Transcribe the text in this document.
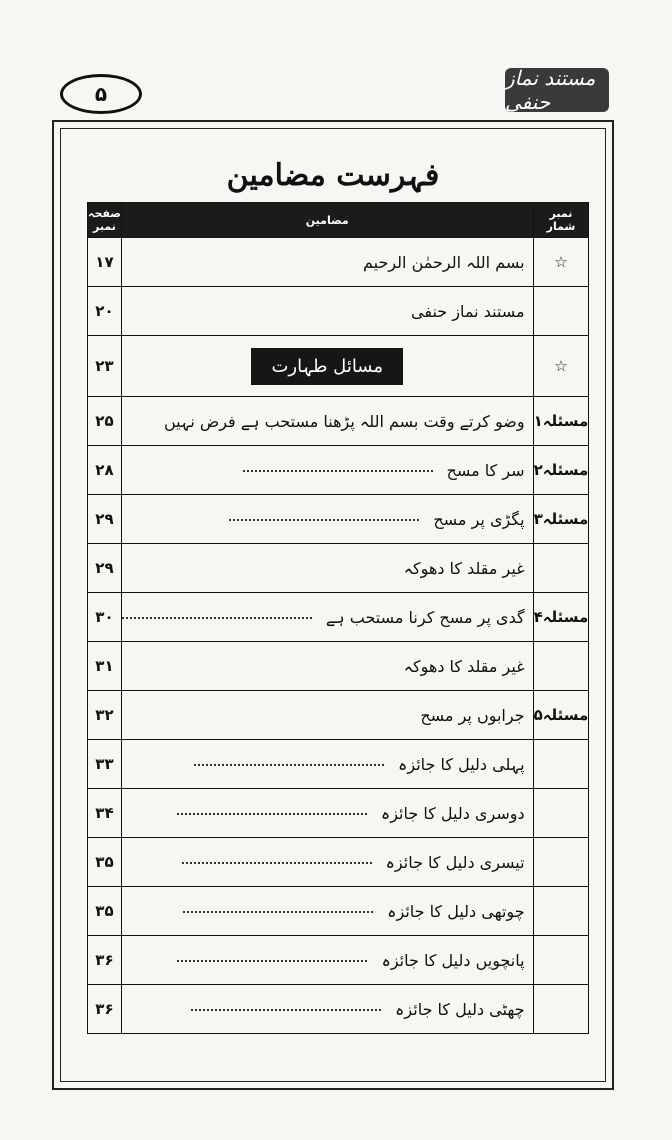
۵
مستند نماز حنفی
فہرست مضامین
نمبر شمار	مضامین	صفحہ نمبر
☆	بسم اللہ الرحمٰن الرحیم	۱۷
	مستند نماز حنفی	۲۰
☆	مسائل طہارت	۲۳
مسئلہ۱	وضو کرتے وقت بسم اللہ پڑھنا مستحب ہے فرض نہیں	۲۵
مسئلہ۲	سر کا مسح	۲۸
مسئلہ۳	پگڑی پر مسح	۲۹
	غیر مقلد کا دھوکہ	۲۹
مسئلہ۴	گدی پر مسح کرنا مستحب ہے	۳۰
	غیر مقلد کا دھوکہ	۳۱
مسئلہ۵	جرابوں پر مسح	۳۲
	پہلی دلیل کا جائزہ	۳۳
	دوسری دلیل کا جائزہ	۳۴
	تیسری دلیل کا جائزہ	۳۵
	چوتھی دلیل کا جائزہ	۳۵
	پانچویں دلیل کا جائزہ	۳۶
	چھٹی دلیل کا جائزہ	۳۶
